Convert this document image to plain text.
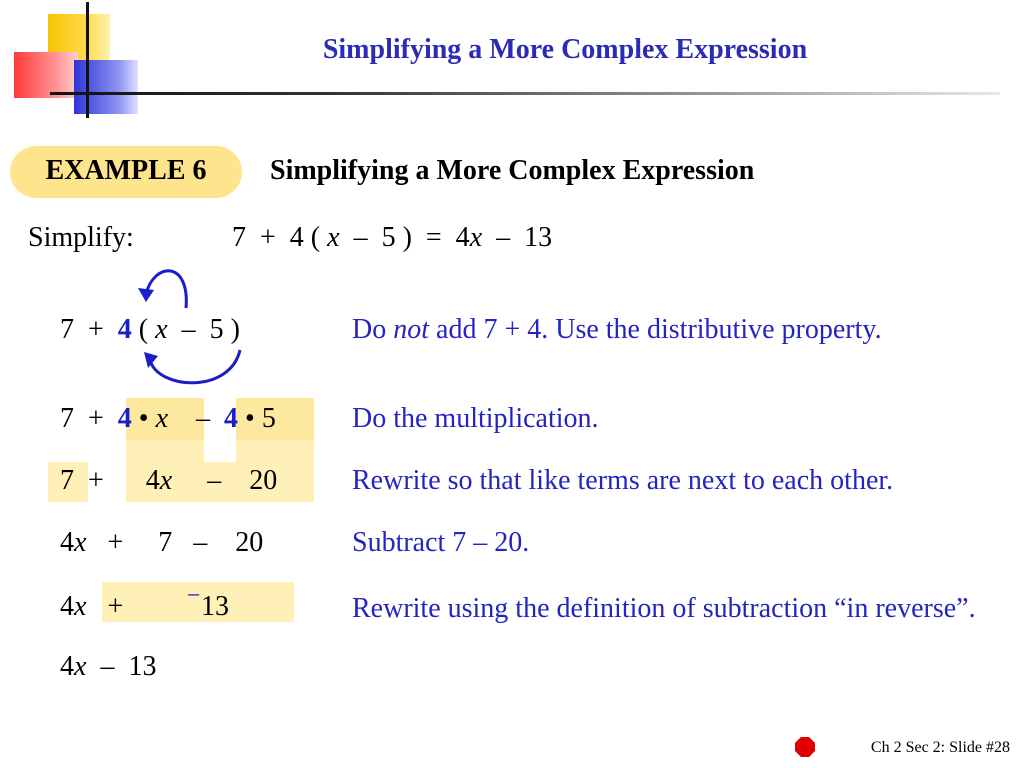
Simplifying a More Complex Expression
EXAMPLE 6	Simplifying a More Complex Expression
Simplify:	7  +  4 ( x  –  5 )  =  4x  –  13
7 + 4 ( x  –  5 )	Do not add 7 + 4. Use the distributive property.
7 + 4 • x – 4 • 5	Do the multiplication.
7 +      4x – 20	Rewrite so that like terms are next to each other.
4x + 7 – 20	Subtract 7 – 20.
4x + ⁻13	Rewrite using the definition of subtraction “in reverse”.
4x – 13
Ch 2 Sec 2: Slide #28
